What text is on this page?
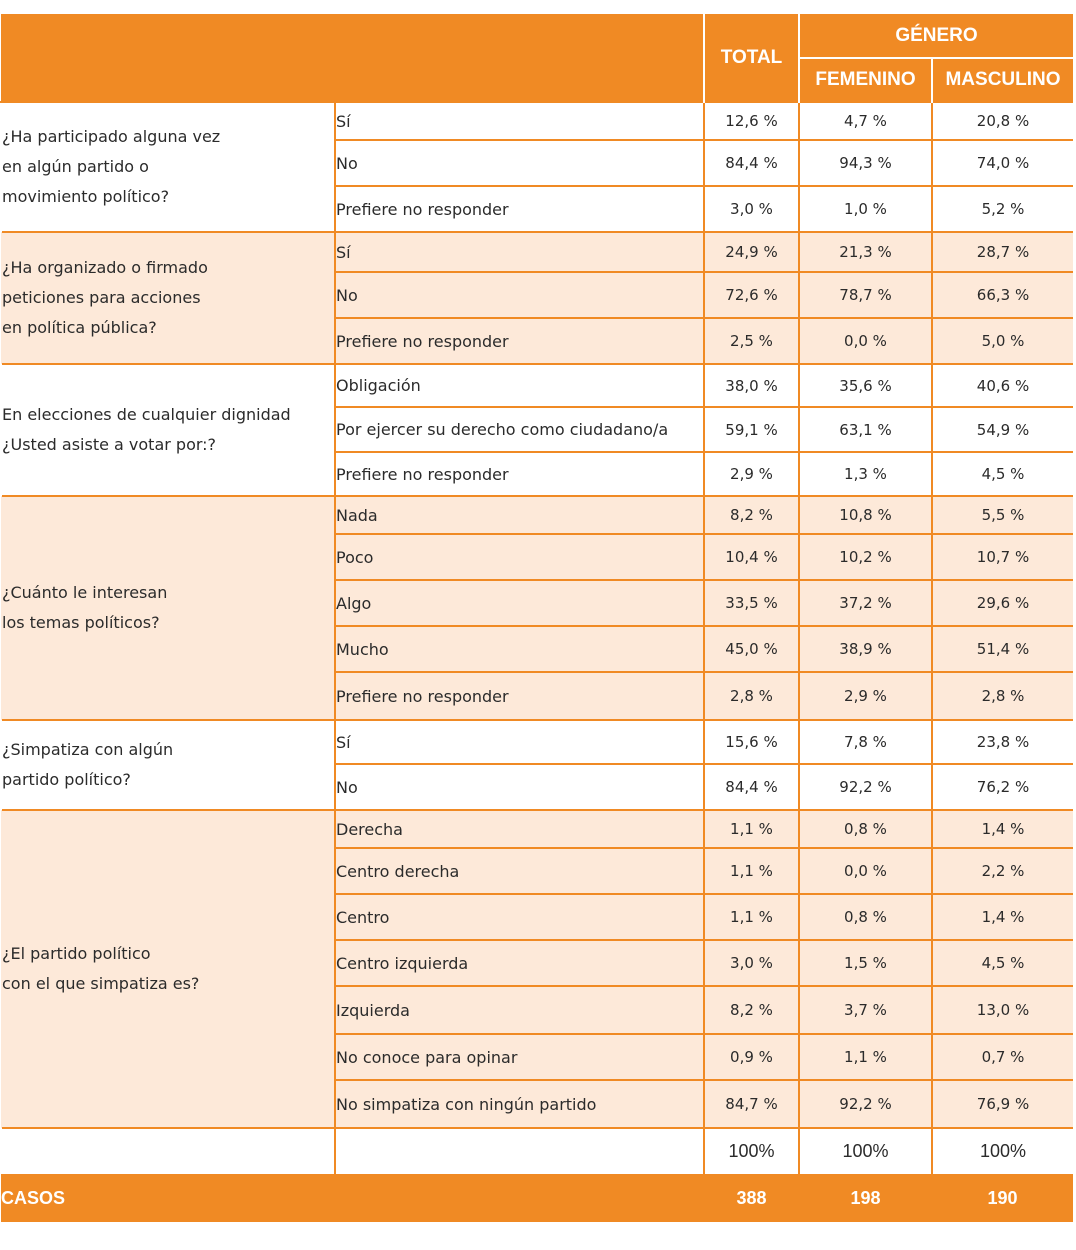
		TOTAL	GÉNERO	
			FEMENINO	MASCULINO

¿Ha participado alguna vez
en algún partido o
movimiento político?	Sí	12,6 %	4,7 %	20,8 %
	No	84,4 %	94,3 %	74,0 %
	Prefiere no responder	3,0 %	1,0 %	5,2 %

¿Ha organizado o firmado
peticiones para acciones
en política pública?	Sí	24,9 %	21,3 %	28,7 %
	No	72,6 %	78,7 %	66,3 %
	Prefiere no responder	2,5 %	0,0 %	5,0 %

En elecciones de cualquier dignidad
¿Usted asiste a votar por:?	Obligación	38,0 %	35,6 %	40,6 %
	Por ejercer su derecho como ciudadano/a	59,1 %	63,1 %	54,9 %
	Prefiere no responder	2,9 %	1,3 %	4,5 %

¿Cuánto le interesan
los temas políticos?	Nada	8,2 %	10,8 %	5,5 %
	Poco	10,4 %	10,2 %	10,7 %
	Algo	33,5 %	37,2 %	29,6 %
	Mucho	45,0 %	38,9 %	51,4 %
	Prefiere no responder	2,8 %	2,9 %	2,8 %

¿Simpatiza con algún
partido político?	Sí	15,6 %	7,8 %	23,8 %
	No	84,4 %	92,2 %	76,2 %

¿El partido político
con el que simpatiza es?	Derecha	1,1 %	0,8 %	1,4 %
	Centro derecha	1,1 %	0,0 %	2,2 %
	Centro	1,1 %	0,8 %	1,4 %
	Centro izquierda	3,0 %	1,5 %	4,5 %
	Izquierda	8,2 %	3,7 %	13,0 %
	No conoce para opinar	0,9 %	1,1 %	0,7 %
	No simpatiza con ningún partido	84,7 %	92,2 %	76,9 %
		100%	100%	100%
CASOS		388	198	190
